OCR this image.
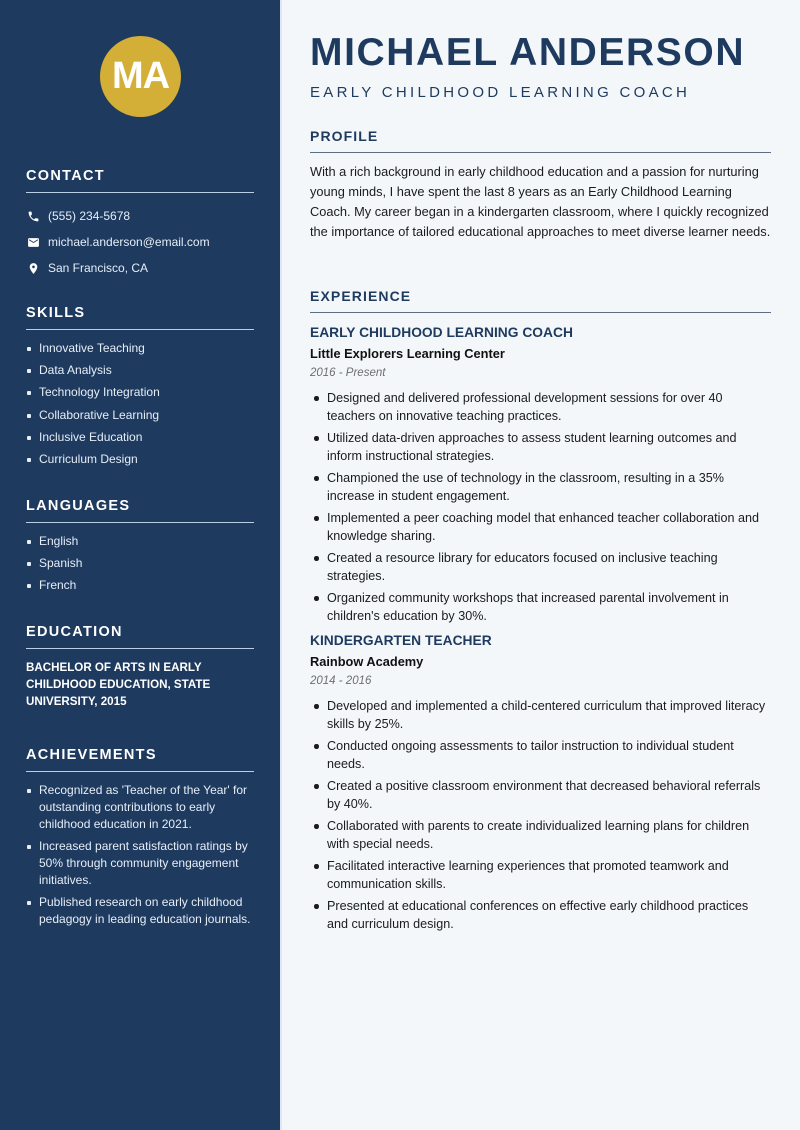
MA
CONTACT
(555) 234-5678
michael.anderson@email.com
San Francisco, CA
SKILLS
Innovative Teaching
Data Analysis
Technology Integration
Collaborative Learning
Inclusive Education
Curriculum Design
LANGUAGES
English
Spanish
French
EDUCATION

BACHELOR OF ARTS IN EARLY CHILDHOOD EDUCATION, STATE UNIVERSITY, 2015

ACHIEVEMENTS
Recognized as 'Teacher of the Year' for outstanding contributions to early childhood education in 2021.
Increased parent satisfaction ratings by 50% through community engagement initiatives.
Published research on early childhood pedagogy in leading education journals.
MICHAEL ANDERSON
EARLY CHILDHOOD LEARNING COACH
PROFILE

With a rich background in early childhood education and a passion for nurturing young minds, I have spent the last 8 years as an Early Childhood Learning Coach. My career began in a kindergarten classroom, where I quickly recognized the importance of tailored educational approaches to meet diverse learner needs.

EXPERIENCE
EARLY CHILDHOOD LEARNING COACH
Little Explorers Learning Center
2016 - Present
Designed and delivered professional development sessions for over 40 teachers on innovative teaching practices.
Utilized data-driven approaches to assess student learning outcomes and inform instructional strategies.
Championed the use of technology in the classroom, resulting in a 35% increase in student engagement.
Implemented a peer coaching model that enhanced teacher collaboration and knowledge sharing.
Created a resource library for educators focused on inclusive teaching strategies.
Organized community workshops that increased parental involvement in children's education by 30%.
KINDERGARTEN TEACHER
Rainbow Academy
2014 - 2016
Developed and implemented a child-centered curriculum that improved literacy skills by 25%.
Conducted ongoing assessments to tailor instruction to individual student needs.
Created a positive classroom environment that decreased behavioral referrals by 40%.
Collaborated with parents to create individualized learning plans for children with special needs.
Facilitated interactive learning experiences that promoted teamwork and communication skills.
Presented at educational conferences on effective early childhood practices and curriculum design.
